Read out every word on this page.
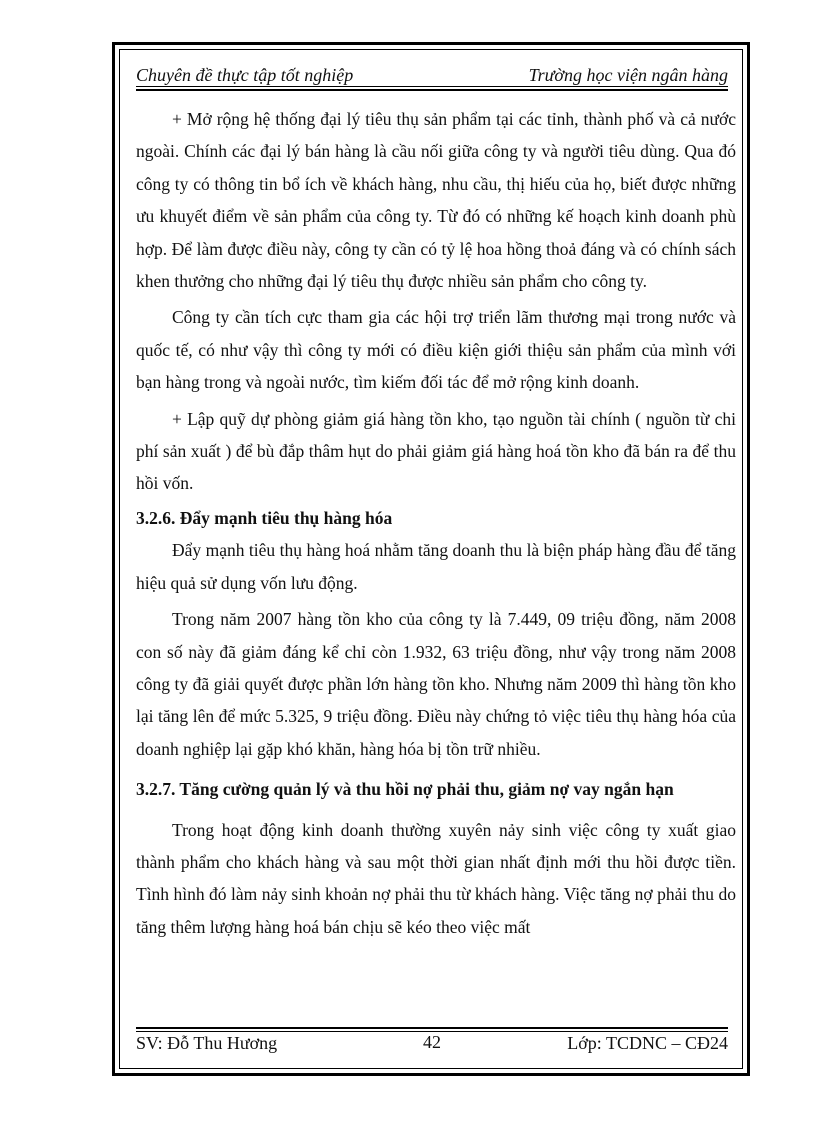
Chuyên đề thực tập tốt nghiệp	Trường học viện ngân hàng

+ Mở rộng hệ thống đại lý tiêu thụ sản phẩm tại các tỉnh, thành phố và cả nước ngoài. Chính các đại lý bán hàng là cầu nối giữa công ty và người tiêu dùng. Qua đó công ty có thông tin bổ ích về khách hàng, nhu cầu, thị hiếu của họ, biết được những ưu khuyết điểm về sản phẩm của công ty. Từ đó có những kế hoạch kinh doanh phù hợp. Để làm được điều này, công ty cần có tỷ lệ hoa hồng thoả đáng và có chính sách khen thưởng cho những đại lý tiêu thụ được nhiều sản phẩm cho công ty.

Công ty cần tích cực tham gia các hội trợ triển lãm thương mại trong nước và quốc tế, có như vậy thì công ty mới có điều kiện giới thiệu sản phẩm của mình với bạn hàng trong và ngoài nước, tìm kiếm đối tác để mở rộng kinh doanh.

+ Lập quỹ dự phòng giảm giá hàng tồn kho, tạo nguồn tài chính ( nguồn từ chi phí sản xuất ) để bù đắp thâm hụt do phải giảm giá hàng hoá tồn kho đã bán ra để thu hồi vốn.

3.2.6. Đẩy mạnh tiêu thụ hàng hóa

Đẩy mạnh tiêu thụ hàng hoá nhằm tăng doanh thu là biện pháp hàng đầu để tăng hiệu quả sử dụng vốn lưu động.

Trong năm 2007 hàng tồn kho của công ty là 7.449, 09 triệu đồng, năm 2008 con số này đã giảm đáng kể chỉ còn 1.932, 63 triệu đồng, như vậy trong năm 2008 công ty đã giải quyết được phần lớn hàng tồn kho. Nhưng năm 2009 thì hàng tồn kho lại tăng lên để mức 5.325, 9 triệu đồng. Điều này chứng tỏ việc tiêu thụ hàng hóa của doanh nghiệp lại gặp khó khăn, hàng hóa bị tồn trữ nhiều.

3.2.7. Tăng cường quản lý và thu hồi nợ phải thu, giảm nợ vay ngắn hạn

Trong hoạt động kinh doanh thường xuyên nảy sinh việc công ty xuất giao thành phẩm cho khách hàng và sau một thời gian nhất định mới thu hồi được tiền. Tình hình đó làm nảy sinh khoản nợ phải thu từ khách hàng. Việc tăng nợ phải thu do tăng thêm lượng hàng hoá bán chịu sẽ kéo theo việc mất

SV: Đỗ Thu Hương	42	Lớp: TCDNC – CĐ24
